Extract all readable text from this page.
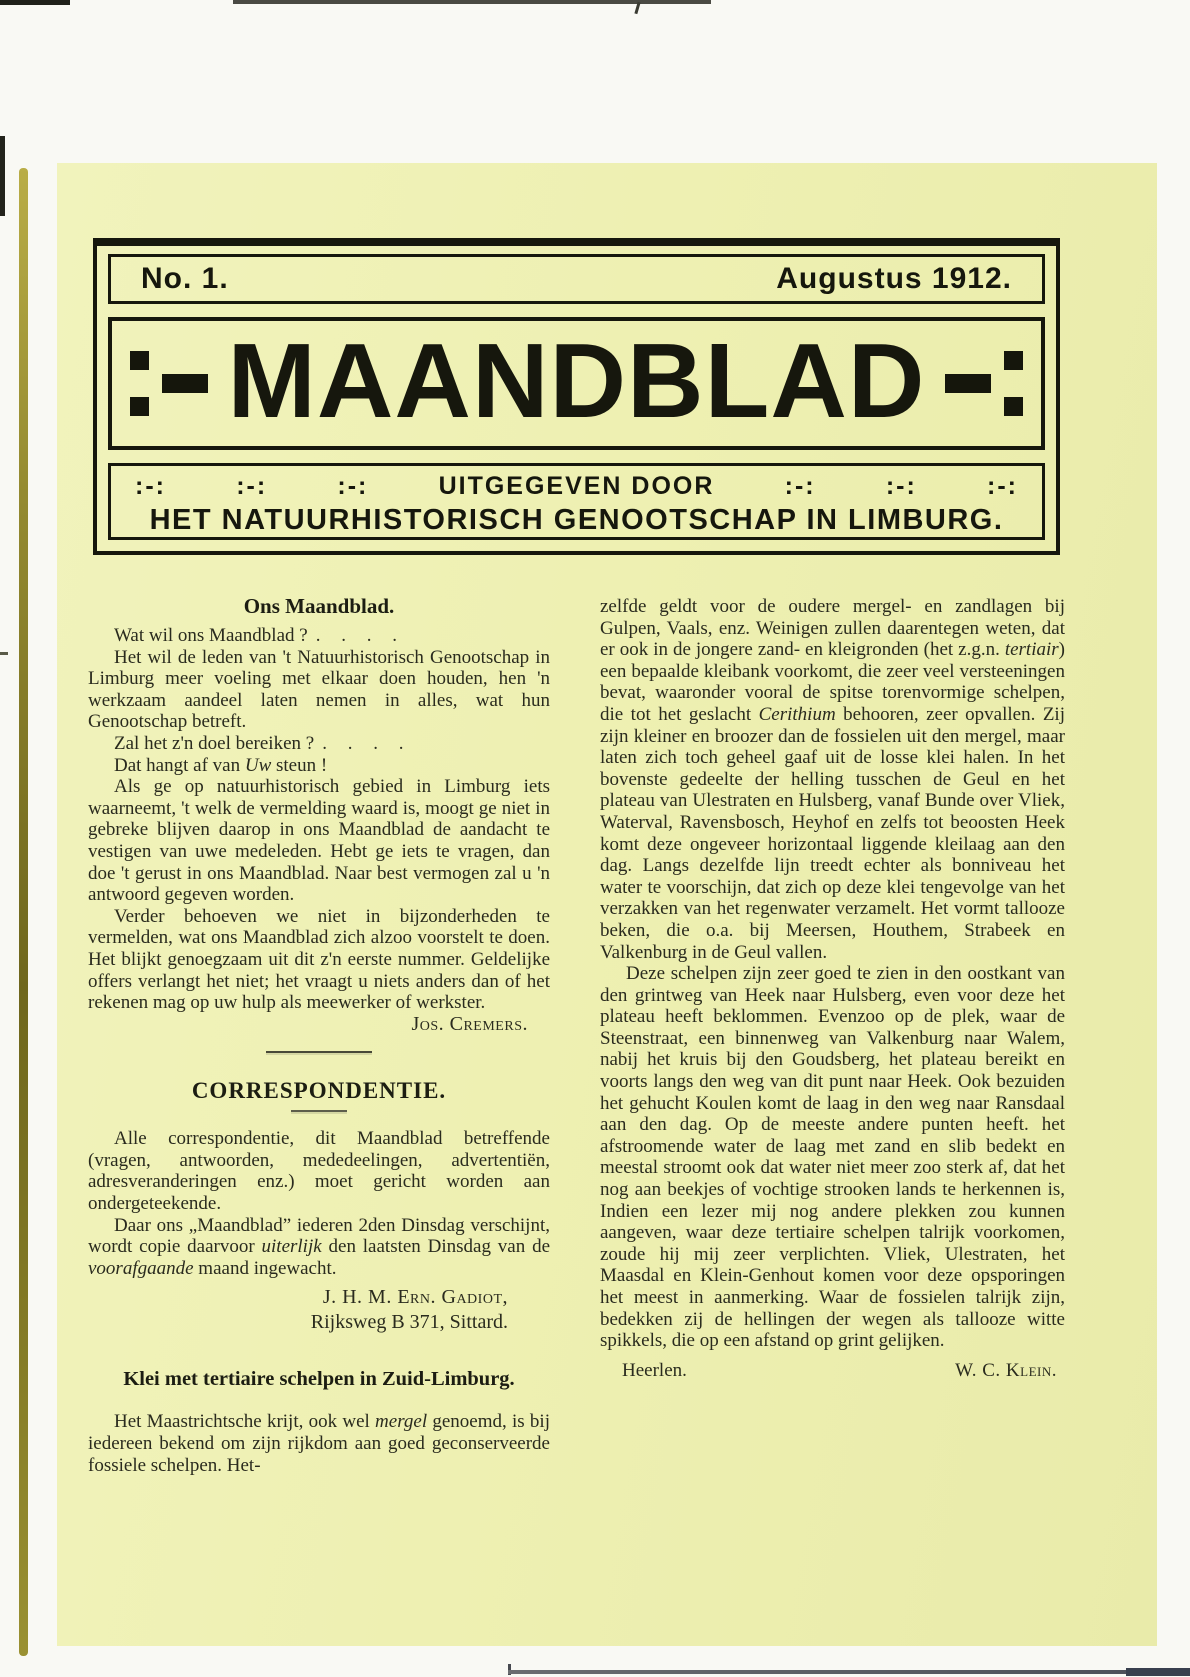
No. 1.	Augustus 1912.
MAANDBLAD
:-:	:-:	:-:	UITGEGEVEN DOOR	:-:	:-:	:-:
HET NATUURHISTORISCH GENOOTSCHAP IN LIMBURG.
Ons Maandblad.

Wat wil ons Maandblad ? . . . .

Het wil de leden van 't Natuurhistorisch Genootschap in Limburg meer voeling met elkaar doen houden, hen 'n werkzaam aandeel laten nemen in alles, wat hun Genootschap betreft.

Zal het z'n doel bereiken ? . . . .

Dat hangt af van Uw steun !

Als ge op natuurhistorisch gebied in Limburg iets waarneemt, 't welk de vermelding waard is, moogt ge niet in gebreke blijven daarop in ons Maandblad de aandacht te vestigen van uwe medeleden. Hebt ge iets te vragen, dan doe 't gerust in ons Maandblad. Naar best vermogen zal u 'n antwoord gegeven worden.

Verder behoeven we niet in bijzonderheden te vermelden, wat ons Maandblad zich alzoo voorstelt te doen. Het blijkt genoegzaam uit dit z'n eerste nummer. Geldelijke offers verlangt het niet; het vraagt u niets anders dan of het rekenen mag op uw hulp als meewerker of werkster.

Jos. Cremers.

CORRESPONDENTIE.

Alle correspondentie, dit Maandblad betreffende (vragen, antwoorden, mededeelingen, advertentiën, adresveranderingen enz.) moet gericht worden aan ondergeteekende.

Daar ons „Maandblad” iederen 2den Dinsdag verschijnt, wordt copie daarvoor uiterlijk den laatsten Dinsdag van de voorafgaande maand ingewacht.

J. H. M. Ern. Gadiot,
Rijksweg B 371, Sittard.
Klei met tertiaire schelpen in Zuid-Limburg.

Het Maastrichtsche krijt, ook wel mergel genoemd, is bij iedereen bekend om zijn rijkdom aan goed geconserveerde fossiele schelpen. Het-

zelfde geldt voor de oudere mergel- en zandlagen bij Gulpen, Vaals, enz. Weinigen zullen daarentegen weten, dat er ook in de jongere zand- en kleigronden (het z.g.n. tertiair) een bepaalde kleibank voorkomt, die zeer veel versteeningen bevat, waaronder vooral de spitse torenvormige schelpen, die tot het geslacht Cerithium behooren, zeer opvallen. Zij zijn kleiner en broozer dan de fossielen uit den mergel, maar laten zich toch geheel gaaf uit de losse klei halen. In het bovenste gedeelte der helling tusschen de Geul en het plateau van Ulestraten en Hulsberg, vanaf Bunde over Vliek, Waterval, Ravensbosch, Heyhof en zelfs tot beoosten Heek komt deze ongeveer horizontaal liggende kleilaag aan den dag. Langs dezelfde lijn treedt echter als bonniveau het water te voorschijn, dat zich op deze klei tengevolge van het verzakken van het regenwater verzamelt. Het vormt tallooze beken, die o.a. bij Meersen, Houthem, Strabeek en Valkenburg in de Geul vallen.

Deze schelpen zijn zeer goed te zien in den oostkant van den grintweg van Heek naar Hulsberg, even voor deze het plateau heeft beklommen. Evenzoo op de plek, waar de Steenstraat, een binnenweg van Valkenburg naar Walem, nabij het kruis bij den Goudsberg, het plateau bereikt en voorts langs den weg van dit punt naar Heek. Ook bezuiden het gehucht Koulen komt de laag in den weg naar Ransdaal aan den dag. Op de meeste andere punten heeft. het afstroomende water de laag met zand en slib bedekt en meestal stroomt ook dat water niet meer zoo sterk af, dat het nog aan beekjes of vochtige strooken lands te herkennen is, Indien een lezer mij nog andere plekken zou kunnen aangeven, waar deze tertiaire schelpen talrijk voorkomen, zoude hij mij zeer verplichten. Vliek, Ulestraten, het Maasdal en Klein-Genhout komen voor deze opsporingen het meest in aanmerking. Waar de fossielen talrijk zijn, bedekken zij de hellingen der wegen als tallooze witte spikkels, die op een afstand op grint gelijken.

Heerlen.	W. C. Klein.
